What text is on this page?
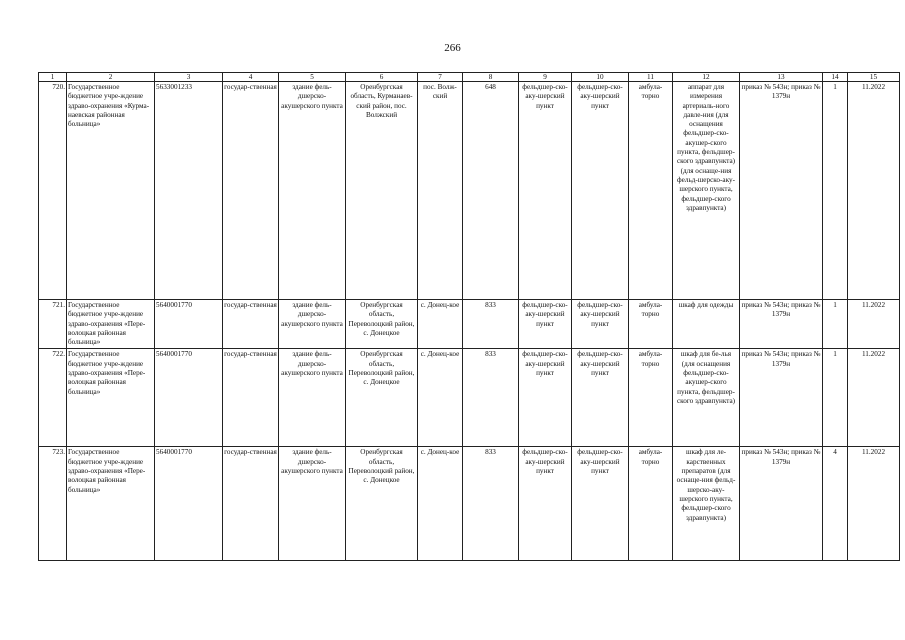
266
1	2	3	4	5	6	7	8	9	10	11	12	13	14	15
720.	Государственное бюджетное учре-ждение здраво-охранения «Курма-наевская районная больница»	5633001233	государ-ственная	здание фель-дшерско-акушерского пункта	Оренбургская область, Курманаев-ский район, пос. Волжский	пос. Волж-ский	648	фельдшер-ско-аку-шерский пункт	фельдшер-ско-аку-шерский пункт	амбула-торно	аппарат для измерения артериаль-ного давле-ния (для оснащения фельдшер-ско-акушер-ского пункта, фельдшер-ского здравпункта) (для оснаще-ния фельд-шерско-аку-шерского пункта, фельдшер-ского здравпункта)	приказ № 543н; приказ № 1379н	1	11.2022
721.	Государственное бюджетное учре-ждение здраво-охранения «Пере-волоцкая районная больница»	5640001770	государ-ственная	здание фель-дшерско-акушерского пункта	Оренбургская область, Переволоцкий район, с. Донецкое	с. Донец-кое	833	фельдшер-ско-аку-шерский пункт	фельдшер-ско-аку-шерский пункт	амбула-торно	шкаф для одежды	приказ № 543н; приказ № 1379н	1	11.2022
722.	Государственное бюджетное учре-ждение здраво-охранения «Пере-волоцкая районная больница»	5640001770	государ-ственная	здание фель-дшерско-акушерского пункта	Оренбургская область, Переволоцкий район, с. Донецкое	с. Донец-кое	833	фельдшер-ско-аку-шерский пункт	фельдшер-ско-аку-шерский пункт	амбула-торно	шкаф для бе-лья (для оснащения фельдшер-ско-акушер-ского пункта, фельдшер-ского здравпункта)	приказ № 543н; приказ № 1379н	1	11.2022
723.	Государственное бюджетное учре-ждение здраво-охранения «Пере-волоцкая районная больница»	5640001770	государ-ственная	здание фель-дшерско-акушерского пункта	Оренбургская область, Переволоцкий район, с. Донецкое	с. Донец-кое	833	фельдшер-ско-аку-шерский пункт	фельдшер-ско-аку-шерский пункт	амбула-торно	шкаф для ле-карственных препаратов (для оснаще-ния фельд-шерско-аку-шерского пункта, фельдшер-ского здравпункта)	приказ № 543н; приказ № 1379н	4	11.2022
